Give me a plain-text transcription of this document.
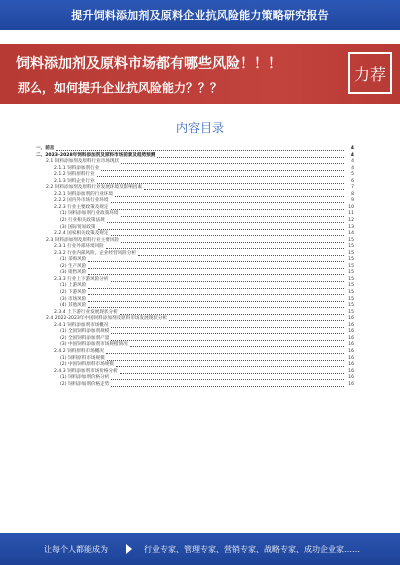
提升饲料添加剂及原料企业抗风险能力策略研究报告
饲料添加剂及原料市场都有哪些风险！！！
那么，如何提升企业抗风险能力？？？
力荐
内容目录
一、前言	4
二、2023-2028年饲料添加剂及原料市场前景及趋势预测	4
2.1 饲料添加剂及原料行业市场现状	4
2.1.1 饲料添加剂行业	4
2.1.2 饲料原料行业	5
2.1.3 饲料企业行业	6
2.2 饲料添加剂及原料行业发展环境及影响因素	7
2.2.1 饲料添加剂的行业环境	8
2.2.2 国内外市场行业环境	9
2.2.3 行业主要政策及规定	10
(1) 饲料添加剂行业政策环境	11
(2) 行业相关政策法规	12
(3) 国际贸易政策	13
2.2.4 国家相关政策及规定	14
2.3 饲料添加剂及原料行业主要风险	15
2.3.1 行业外部环境风险	15
2.3.2 行业内部风险，企业经营风险分析	15
(1) 采购风险	15
(2) 生产风险	15
(3) 销售风险	15
2.3.3 行业上下游风险分析	15
(1) 上游风险	15
(2) 下游风险	15
(3) 市场风险	15
(4) 其他风险	15
2.3.4 上下游行业发展现状分析	15
2.4 2022-2023年中国饲料添加剂及原料市场发展现状分析	16
2.4.1 饲料添加剂市场概况	16
(1) 全国饲料添加剂规模	16
(2) 全国饲料添加剂产量	16
(3) 中国饲料添加剂市场规模情况	16
2.4.2 饲料原料市场概况	16
(1) 饲料原料市场规模	16
(2) 中国饲料原料市场规模	16
2.4.3 饲料添加剂市场价格分析	16
(1) 饲料添加剂价格分析	16
(2) 饲料添加剂价格走势	16
让每个人都能成为	行业专家、管理专家、营销专家、战略专家、成功企业家……
